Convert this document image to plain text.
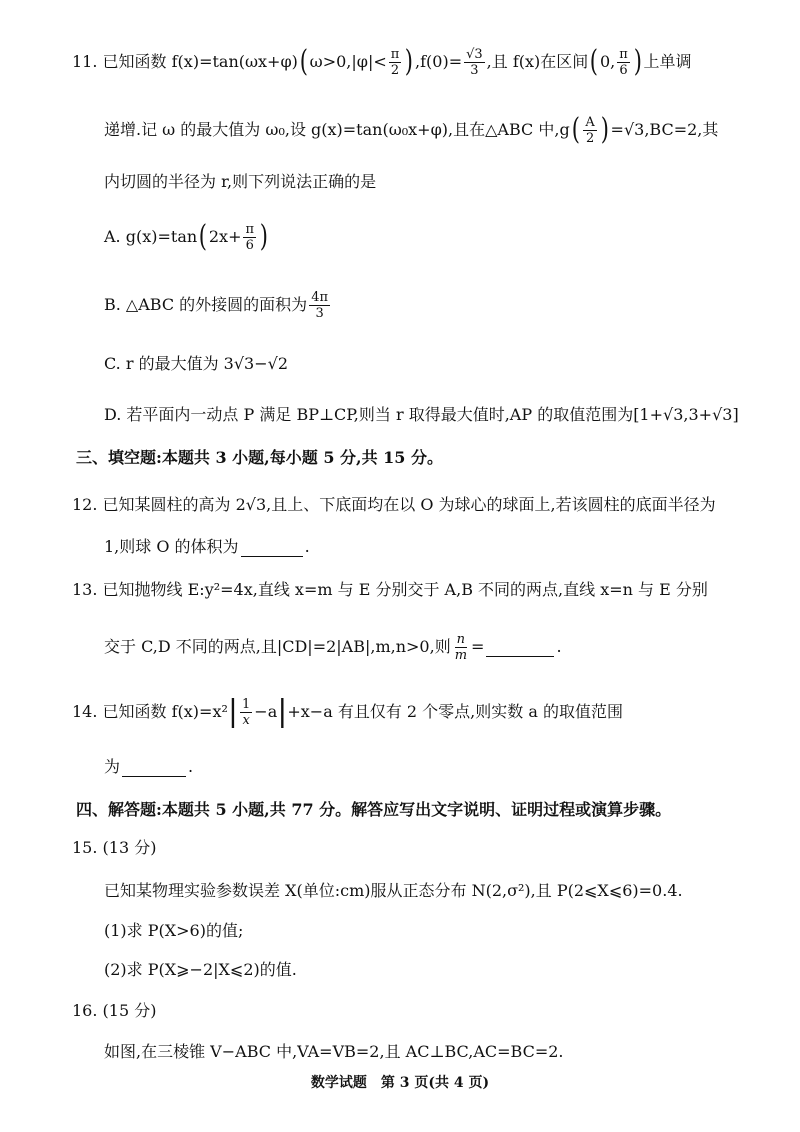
11.
已知函数 f(x)=tan(ωx+φ) ( $\omega>0,|\varphi|< \frac{\pi}{2}$ ) $,f(0)= \frac{√3}{3}$ ,且 f(x)在区间 ( 0, $\frac{\pi}{6}$ ) 上单调
递增.记 ω 的最大值为 ω₀,设 g(x)=tan(ω₀x+φ),且在△ABC 中,g ( $\frac{A}{2}$ ) =√3,BC=2,其
内切圆的半径为 r,则下列说法正确的是
A. g(x)=tan ( $2x+ \frac{\pi}{6}$ )
B. △ABC 的外接圆的面积为 $\frac{4\pi}{3}$
C. r 的最大值为 3√3−√2
D. 若平面内一动点 P 满足 BP⊥CP,则当 r 取得最大值时,AP 的取值范围为[1+√3,3+√3]
三、填空题:本题共 3 小题,每小题 5 分,共 15 分。
12. 已知某圆柱的高为 2√3,且上、下底面均在以 O 为球心的球面上,若该圆柱的底面半径为
1,则球 O 的体积为	.
13. 已知抛物线 E:y²=4x,直线 x=m 与 E 分别交于 A,B 不同的两点,直线 x=n 与 E 分别
交于 C,D 不同的两点,且|CD|=2|AB|,m,n>0,则 $\frac{n}{m}$ =	.
14. 已知函数 f(x)=x² | $\frac{1}{x} -a$ | +x−a 有且仅有 2 个零点,则实数 a 的取值范围
为	.
四、解答题:本题共 5 小题,共 77 分。解答应写出文字说明、证明过程或演算步骤。
15. (13 分)
已知某物理实验参数误差 X(单位:cm)服从正态分布 N(2,σ²),且 P(2⩽X⩽6)=0.4.
(1)求 P(X>6)的值;
(2)求 P(X⩾−2|X⩽2)的值.
16. (15 分)
如图,在三棱锥 V−ABC 中,VA=VB=2,且 AC⊥BC,AC=BC=2.
数学试题　第 3 页(共 4 页)
